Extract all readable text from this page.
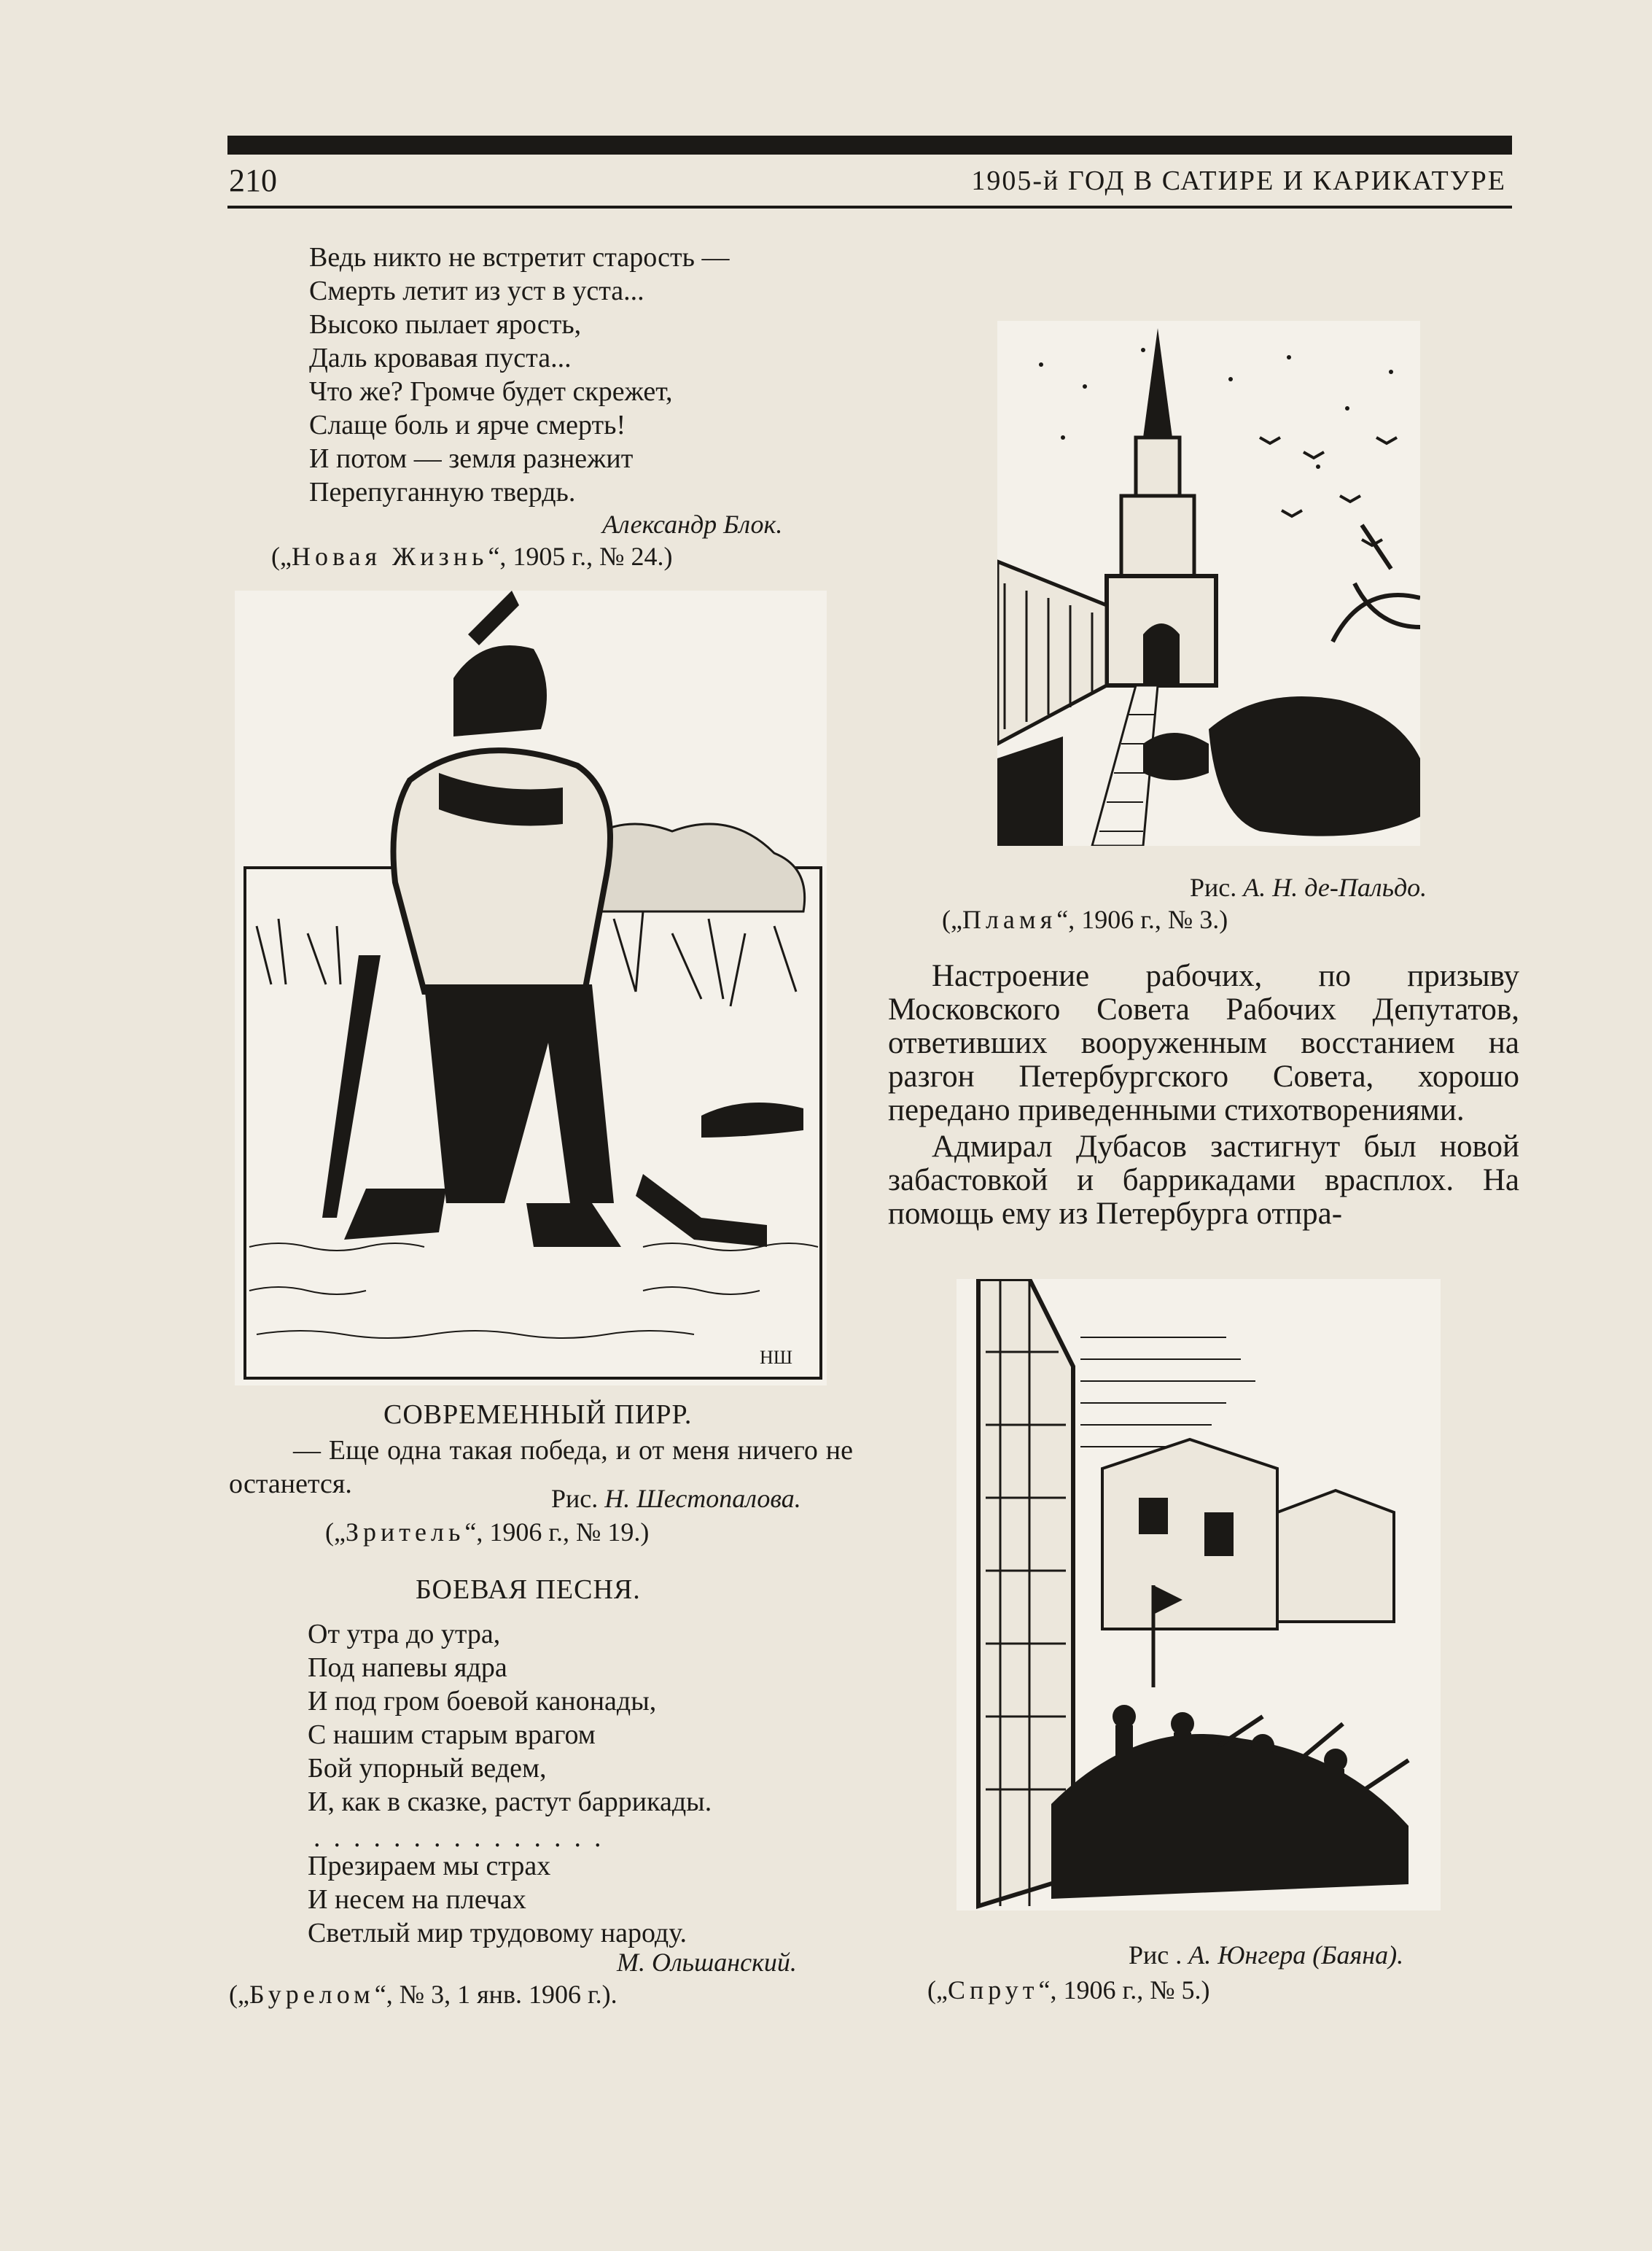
210	1905-й ГОД В САТИРЕ И КАРИКАТУРЕ
Ведь никто не встретит старость —
Смерть летит из уст в уста...
Высоко пылает ярость,
Даль кровавая пуста...
Что же? Громче будет скрежет,
Слаще боль и ярче смерть!
И потом — земля разнежит
Перепуганную твердь.
Александр Блок.
(„Новая Жизнь“, 1905 г., № 24.)
НШ
СОВРЕМЕННЫЙ ПИРР.
— Еще одна такая победа, и от меня ничего не останется.	Рис. Н. Шестопалова.
(„Зритель“, 1906 г., № 19.)
БОЕВАЯ ПЕСНЯ.
От утра до утра,
Под напевы ядра
И под гром боевой канонады,
С нашим старым врагом
Бой упорный ведем,
И, как в сказке, растут баррикады.
...............
Презираем мы страх
И несем на плечах
Светлый мир трудовому народу.
М. Ольшанский.
(„Бурелом“, № 3, 1 янв. 1906 г.).
Рис. А. Н. де-Пальдо.
(„Пламя“, 1906 г., № 3.)

Настроение рабочих, по призыву Московского Совета Рабочих Депутатов, ответивших вооруженным восстанием на разгон Петербургского Совета, хорошо передано приведенными стихотворениями.

Адмирал Дубасов застигнут был новой забастовкой и баррикадами врасплох. На помощь ему из Петербурга отпра-

Рис . А. Юнгера (Баяна).
(„Спрут“, 1906 г., № 5.)
